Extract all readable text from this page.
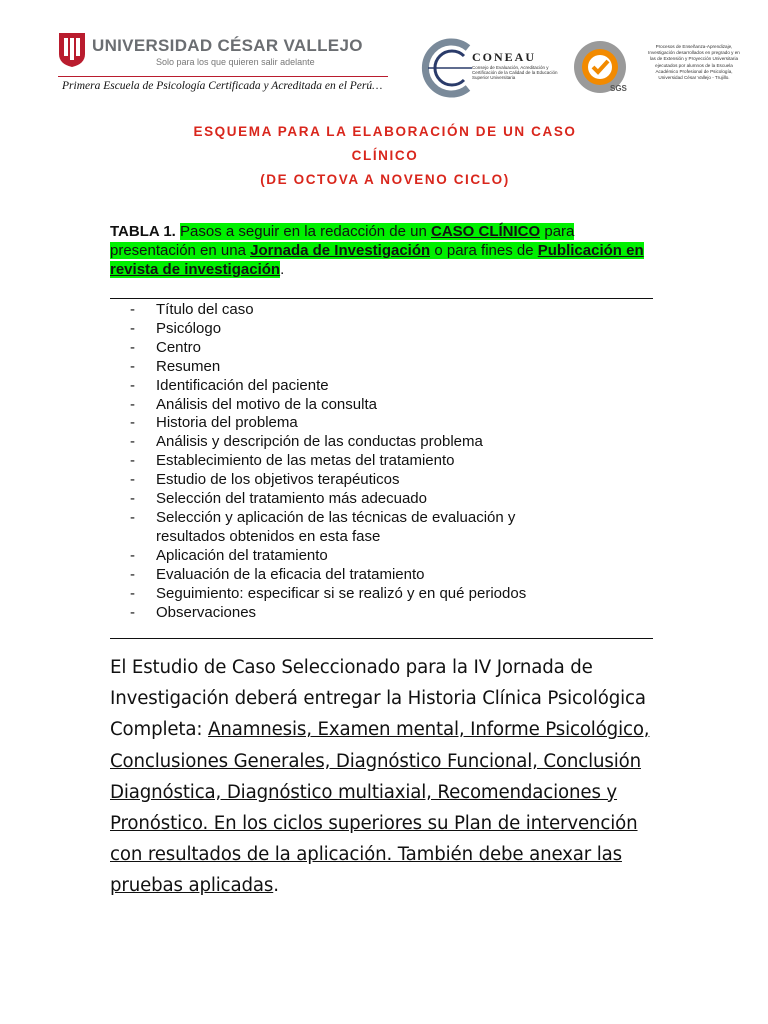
UNIVERSIDAD CÉSAR VALLEJO
Solo para los que quieren salir adelante
Primera Escuela de Psicología Certificada y Acreditada en el Perú…
CONEAU
Consejo de Evaluación, Acreditación y Certificación de la Calidad de la Educación Superior Universitaria
SGS
Procesos de Enseñanza-Aprendizaje, Investigación desarrollados en pregrado y en las de Extensión y Proyección Universitaria ejecutados por alumnos de la Escuela Académico Profesional de Psicología, Universidad César Vallejo - Trujillo.
ESQUEMA PARA LA ELABORACIÓN DE UN CASO
CLÍNICO
(DE OCTOVA A NOVENO CICLO)
TABLA 1. Pasos a seguir en la redacción de un CASO CLÍNICO para presentación en una Jornada de Investigación o para fines de Publicación en revista de investigación.
- Título del caso
- Psicólogo
- Centro
- Resumen
- Identificación del paciente
- Análisis del motivo de la consulta
- Historia del problema
- Análisis y descripción de las conductas problema
- Establecimiento de las metas del tratamiento
- Estudio de los objetivos terapéuticos
- Selección del tratamiento más adecuado
- Selección y aplicación de las técnicas de evaluación y
resultados obtenidos en esta fase
- Aplicación del tratamiento
- Evaluación de la eficacia del tratamiento
- Seguimiento: especificar si se realizó y en qué periodos
- Observaciones
El Estudio de Caso Seleccionado para la IV Jornada de Investigación deberá entregar la Historia Clínica Psicológica Completa: Anamnesis, Examen mental, Informe Psicológico, Conclusiones Generales, Diagnóstico Funcional, Conclusión Diagnóstica, Diagnóstico multiaxial, Recomendaciones y Pronóstico. En los ciclos superiores su Plan de intervención con resultados de la aplicación. También debe anexar las pruebas aplicadas.
